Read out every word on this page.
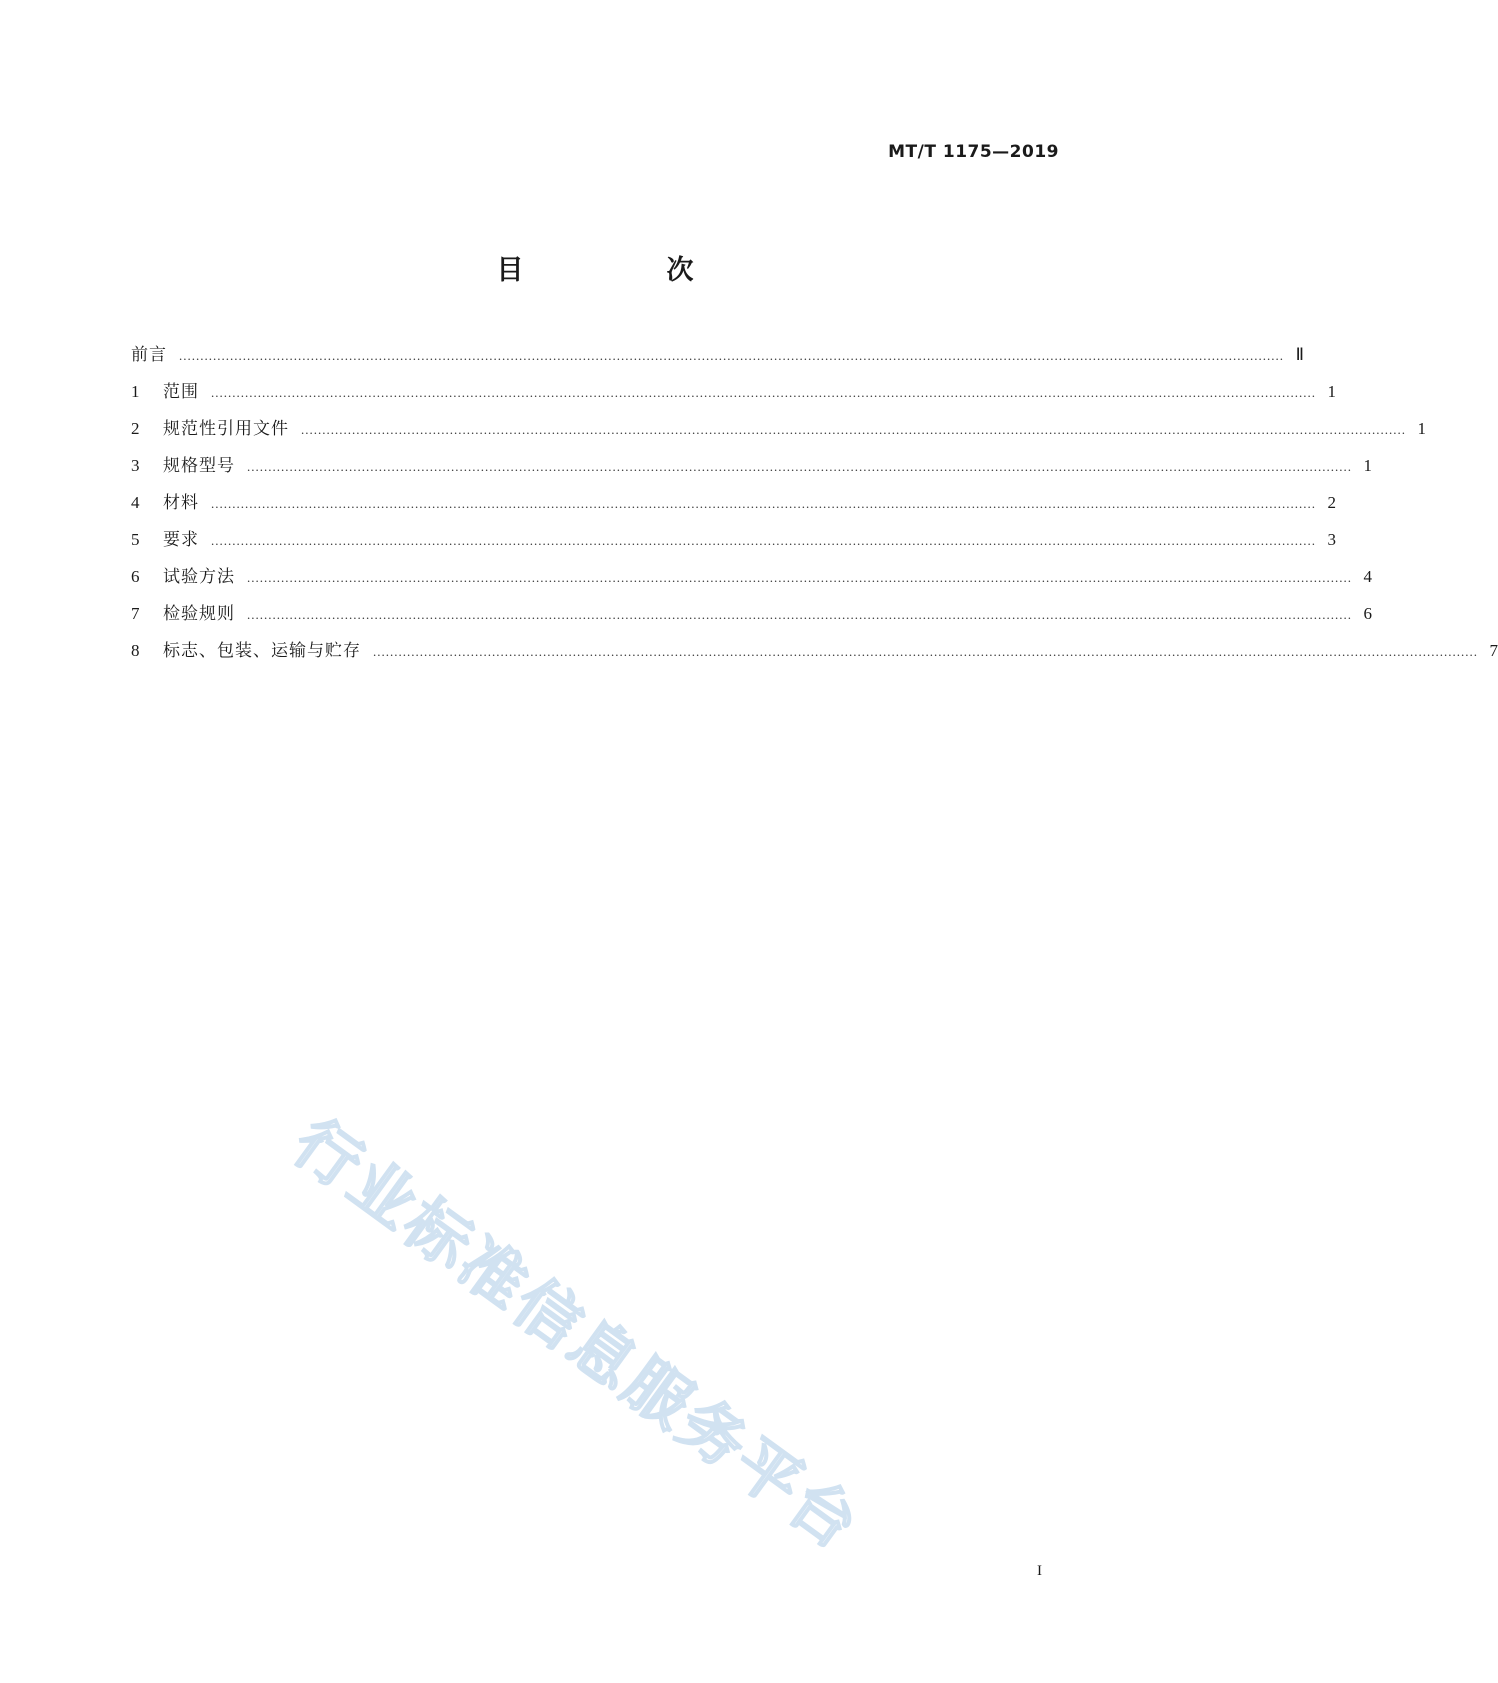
MT/T 1175—2019
目　次
前言 .................................................................................................................................................................................................................................................................... Ⅱ
1	范围 .................................................................................................................................................................................................................................................................... 1
2	规范性引用文件 .................................................................................................................................................................................................................................................................... 1
3	规格型号 .................................................................................................................................................................................................................................................................... 1
4	材料 .................................................................................................................................................................................................................................................................... 2
5	要求 .................................................................................................................................................................................................................................................................... 3
6	试验方法 .................................................................................................................................................................................................................................................................... 4
7	检验规则 .................................................................................................................................................................................................................................................................... 6
8	标志、包装、运输与贮存 .................................................................................................................................................................................................................................................................... 7
行业标准信息服务平台
I
